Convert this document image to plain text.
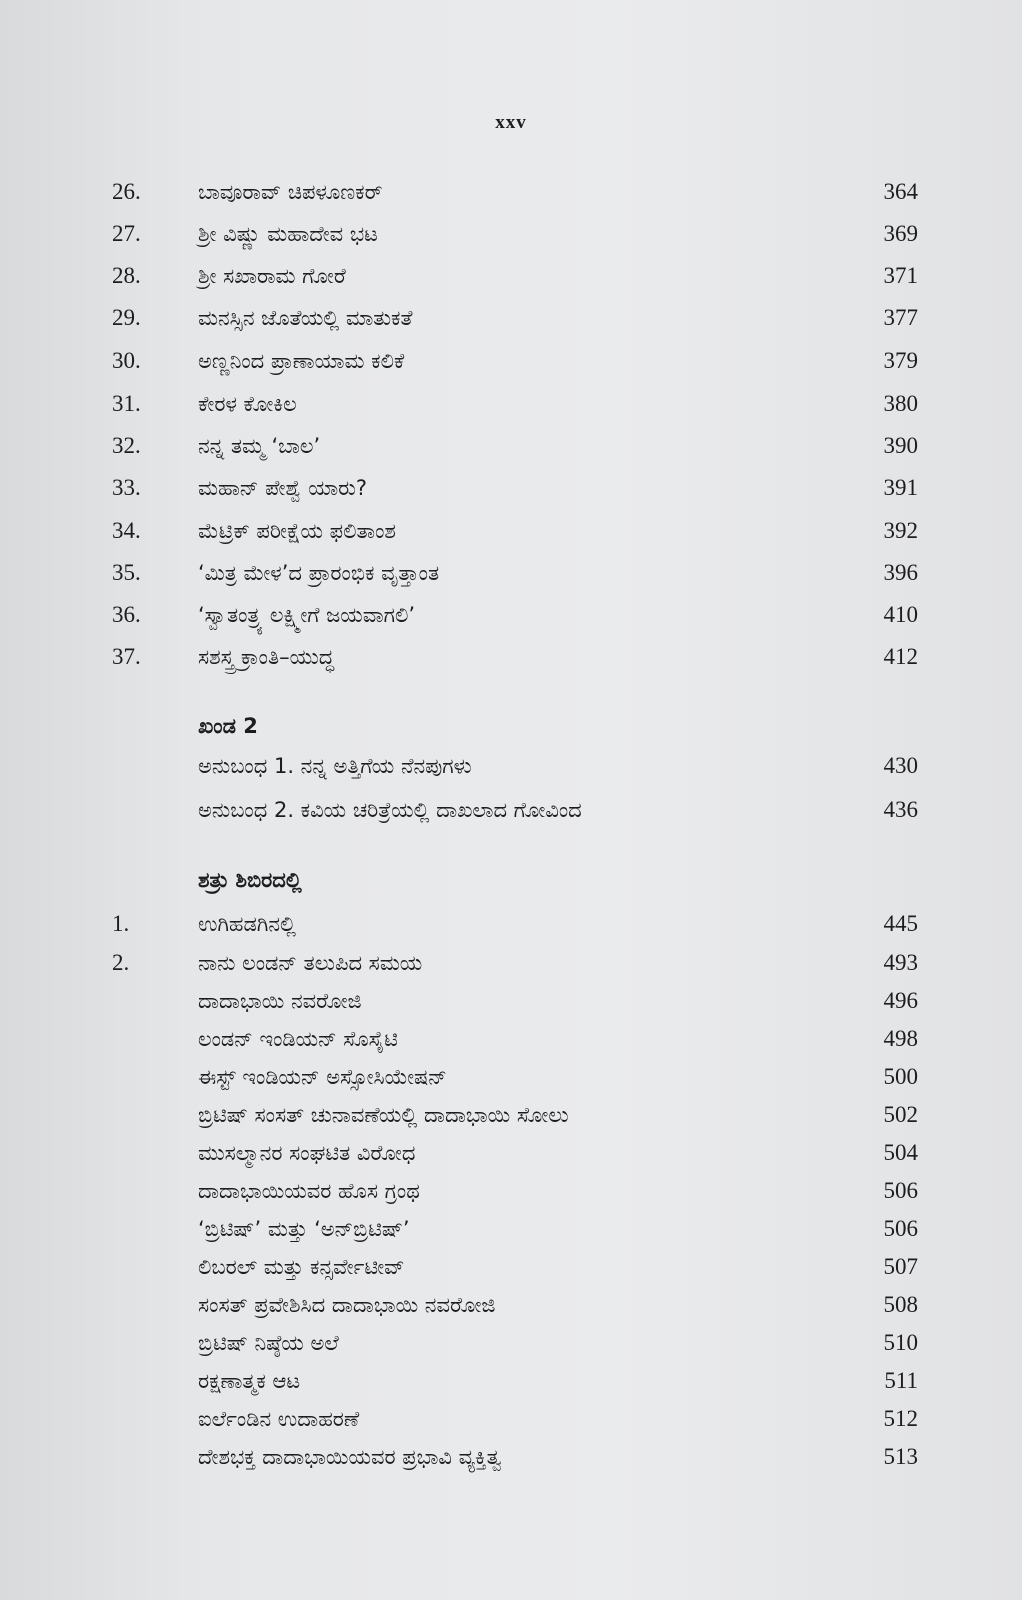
xxv
26.	ಬಾವೂರಾವ್ ಚಿಪಳೂಣಕರ್	364
27.	ಶ್ರೀ ವಿಷ್ಣು ಮಹಾದೇವ ಭಟ	369
28.	ಶ್ರೀ ಸಖಾರಾಮ ಗೋರೆ	371
29.	ಮನಸ್ಸಿನ ಜೊತೆಯಲ್ಲಿ ಮಾತುಕತೆ	377
30.	ಅಣ್ಣನಿಂದ ಪ್ರಾಣಾಯಾಮ ಕಲಿಕೆ	379
31.	ಕೇರಳ ಕೋಕಿಲ	380
32.	ನನ್ನ ತಮ್ಮ ‘ಬಾಲ’	390
33.	ಮಹಾನ್ ಪೇಶ್ವೆ ಯಾರು?	391
34.	ಮೆಟ್ರಿಕ್ ಪರೀಕ್ಷೆಯ ಫಲಿತಾಂಶ	392
35.	‘ಮಿತ್ರ ಮೇಳ’ದ ಪ್ರಾರಂಭಿಕ ವೃತ್ತಾಂತ	396
36.	‘ಸ್ವಾತಂತ್ರ್ಯ ಲಕ್ಷ್ಮೀಗೆ ಜಯವಾಗಲಿ’	410
37.	ಸಶಸ್ತ್ರ ಕ್ರಾಂತಿ–ಯುದ್ಧ	412
ಖಂಡ 2
ಅನುಬಂಧ 1. ನನ್ನ ಅತ್ತಿಗೆಯ ನೆನಪುಗಳು	430
ಅನುಬಂಧ 2. ಕವಿಯ ಚರಿತ್ರೆಯಲ್ಲಿ ದಾಖಲಾದ ಗೋವಿಂದ	436
ಶತ್ರು ಶಿಬಿರದಲ್ಲಿ
1.	ಉಗಿಹಡಗಿನಲ್ಲಿ	445
2.	ನಾನು ಲಂಡನ್ ತಲುಪಿದ ಸಮಯ	493
ದಾದಾಭಾಯಿ ನವರೋಜಿ	496
ಲಂಡನ್ ಇಂಡಿಯನ್ ಸೊಸೈಟಿ	498
ಈಸ್ಟ್ ಇಂಡಿಯನ್ ಅಸ್ಸೋಸಿಯೇಷನ್	500
ಬ್ರಿಟಿಷ್ ಸಂಸತ್ ಚುನಾವಣೆಯಲ್ಲಿ ದಾದಾಭಾಯಿ ಸೋಲು	502
ಮುಸಲ್ಮಾನರ ಸಂಘಟಿತ ವಿರೋಧ	504
ದಾದಾಭಾಯಿಯವರ ಹೊಸ ಗ್ರಂಥ	506
‘ಬ್ರಿಟಿಷ್’ ಮತ್ತು ‘ಅನ್‌ಬ್ರಿಟಿಷ್’	506
ಲಿಬರಲ್ ಮತ್ತು ಕನ್ಸರ್ವೇಟೀವ್	507
ಸಂಸತ್ ಪ್ರವೇಶಿಸಿದ ದಾದಾಭಾಯಿ ನವರೋಜಿ	508
ಬ್ರಿಟಿಷ್ ನಿಷ್ಠೆಯ ಅಲೆ	510
ರಕ್ಷಣಾತ್ಮಕ ಆಟ	511
ಐರ್ಲೆಂಡಿನ ಉದಾಹರಣೆ	512
ದೇಶಭಕ್ತ ದಾದಾಭಾಯಿಯವರ ಪ್ರಭಾವಿ ವ್ಯಕ್ತಿತ್ವ	513
